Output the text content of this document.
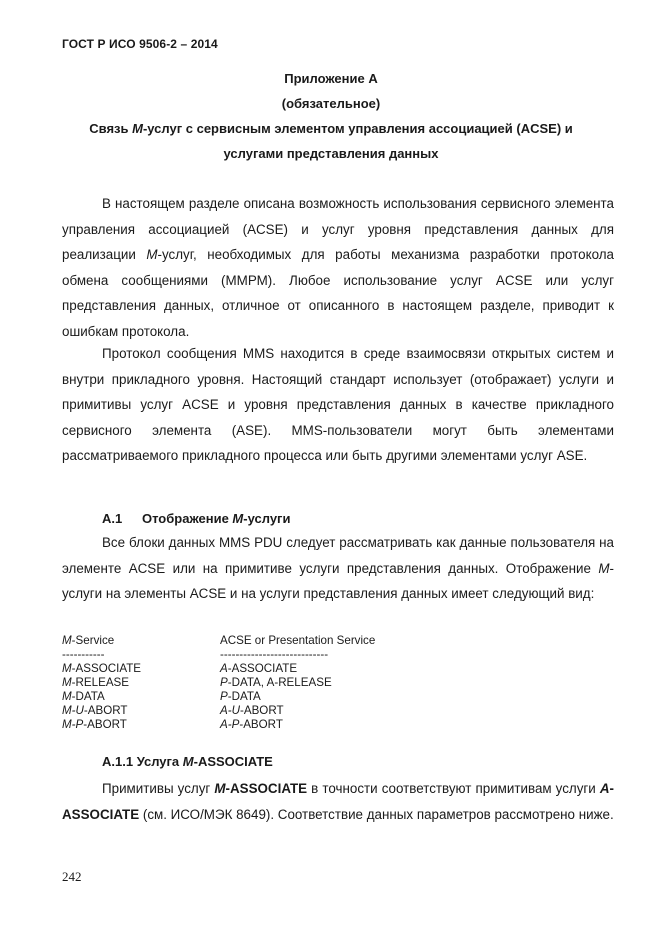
ГОСТ Р ИСО 9506-2 – 2014
Приложение А
(обязательное)
Связь М-услуг с сервисным элементом управления ассоциацией (ACSE) и
услугами представления данных

В настоящем разделе описана возможность использования сервисного элемента управления ассоциацией (ACSE) и услуг уровня представления данных для реализации М-услуг, необходимых для работы механизма разработки протокола обмена сообщениями (ММРМ). Любое использование услуг ACSE или услуг представления данных, отличное от описанного в настоящем разделе, приводит к ошибкам протокола.

Протокол сообщения MMS находится в среде взаимосвязи открытых систем и внутри прикладного уровня. Настоящий стандарт использует (отображает) услуги и примитивы услуг ACSE и уровня представления данных в качестве прикладного сервисного элемента (ASE). MMS-пользователи могут быть элементами рассматриваемого прикладного процесса или быть другими элементами услуг ASE.

А.1 Отображение М-услуги

Все блоки данных MMS PDU следует рассматривать как данные пользователя на элементе ACSE или на примитиве услуги представления данных. Отображение М-услуги на элементы ACSE и на услуги представления данных имеет следующий вид:

M-Service	ACSE or Presentation Service
-----------	----------------------------
M-ASSOCIATE	A-ASSOCIATE
M-RELEASE	P-DATA, A-RELEASE
M-DATA	P-DATA
M-U-ABORT	A-U-ABORT
M-P-ABORT	A-P-ABORT
А.1.1 Услуга М-ASSOCIATE

Примитивы услуг М-ASSOCIATE в точности соответствуют примитивам услуги А-ASSOCIATE (см. ИСО/МЭК 8649). Соответствие данных параметров рассмотрено ниже.

242
